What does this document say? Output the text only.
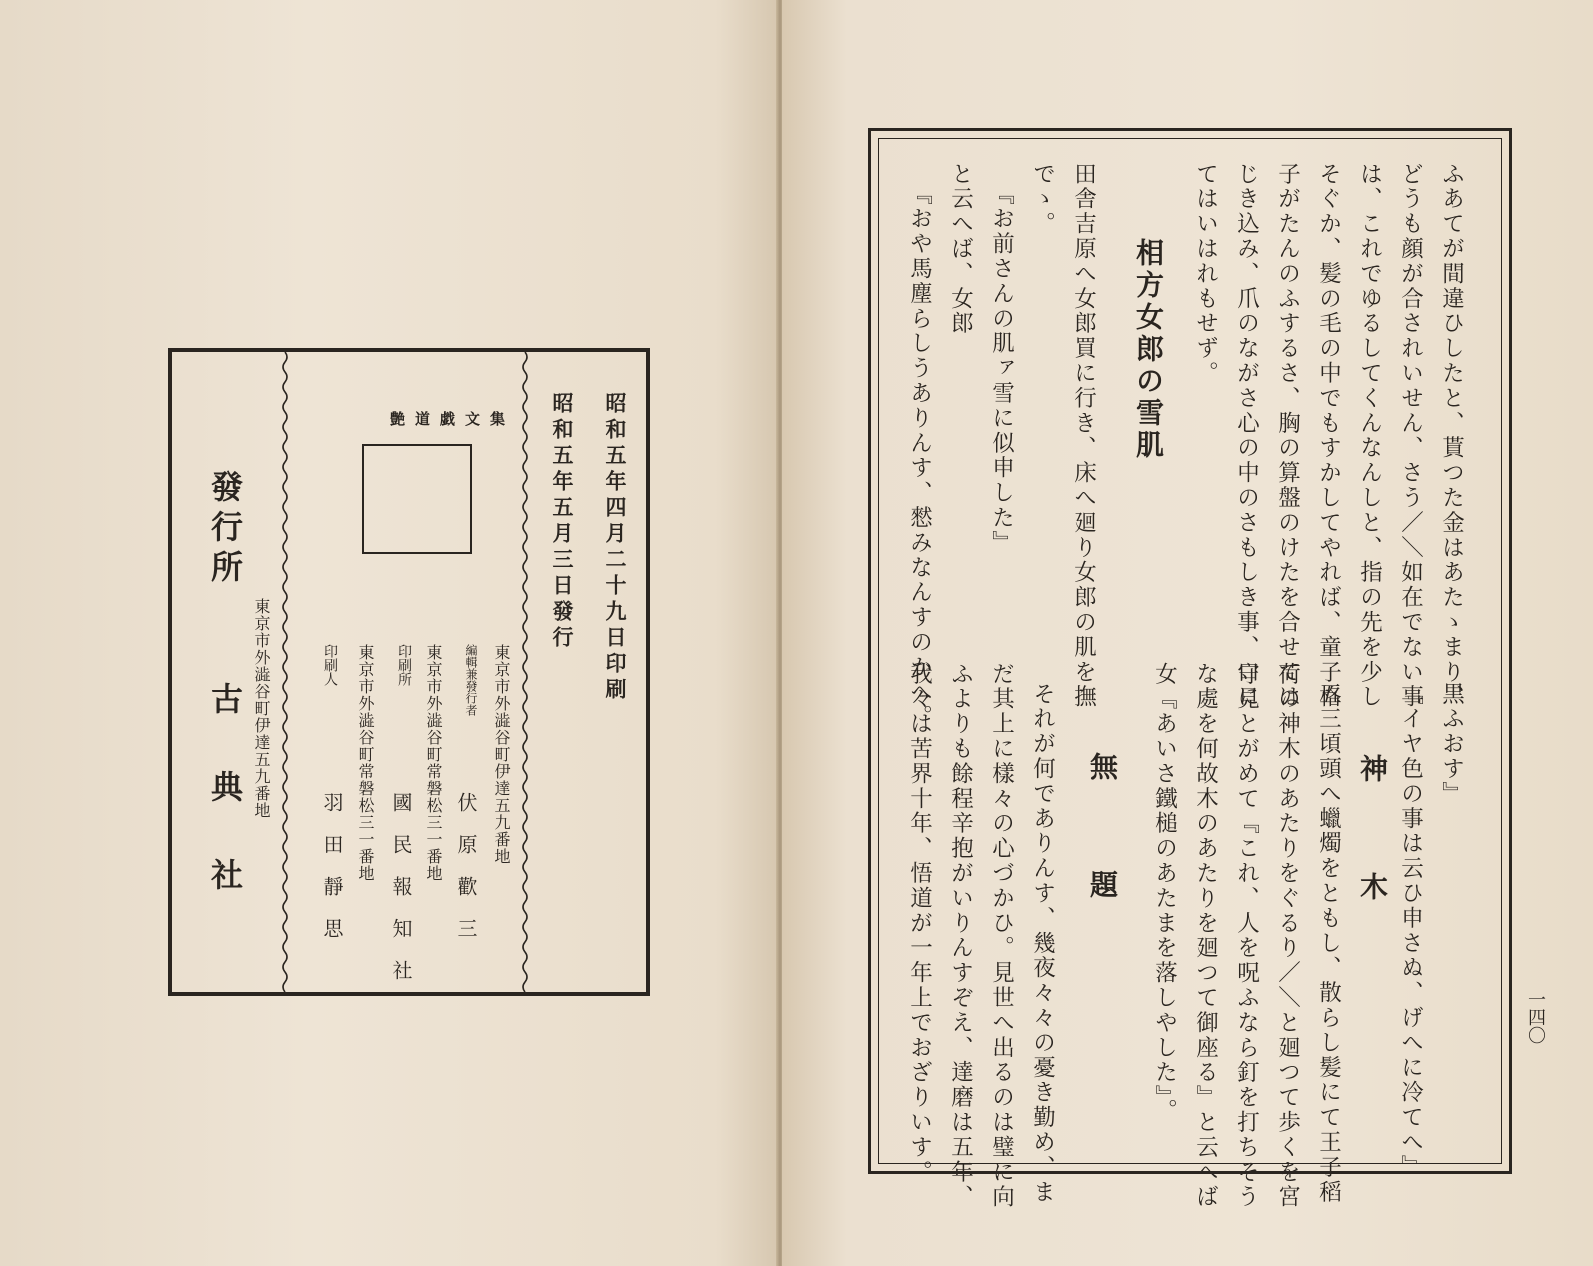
昭和五年四月二十九日印刷
昭和五年五月三日發行
艶道戯文集
東京市外澁谷町伊達五九番地
編輯兼發行者
伏原歡三
東京市外澁谷町常磐松三一番地
印刷所
國民報知社
東京市外澁谷町常磐松三一番地
印刷人
羽田靜思
發行所
古典社 東京市外澁谷町伊達五九番地
一四〇
ふあてが間違ひしたと、貰つた金はあたゝまり、
どうも顔が合されいせん、さう／＼如在でない事
は、これでゆるしてくんなんしと、指の先を少し
そぐか、髪の毛の中でもすかしてやれば、童子格
子がたんのふするさ、胸の算盤のけたを合せては
じき込み、爪のながさ心の中のさもしき事、口に
てはいはれもせず。
相方女郎の雪肌
田舎吉原へ女郎買に行き、床へ廻り女郎の肌を撫
でゝ。
『お前さんの肌ァ雪に似申した』
と云へば、女郎
『おや馬塵らしうありんす、憖みなんすのかへ。
黒ふおす』
『イヤ色の事は云ひ申さぬ、げへに冷てへ』
神木
五三頃頭へ蠟燭をともし、散らし髪にて王子稻
荷の神木のあたりをぐるり／＼と廻つて歩くを宮
守見とがめて『これ、人を呪ふなら釘を打ちそう
な處を何故木のあたりを廻つて御座る』と云へば
女『あいさ鐵槌のあたまを落しやした』。
無題
それが何でありんす、幾夜々々の憂き勤め、ま
だ其上に樣々の心づかひ。見世へ出るのは璧に向
ふよりも餘程辛抱がいりんすぞえ、達磨は五年、
我々は苦界十年、悟道が一年上でおざりいす。
